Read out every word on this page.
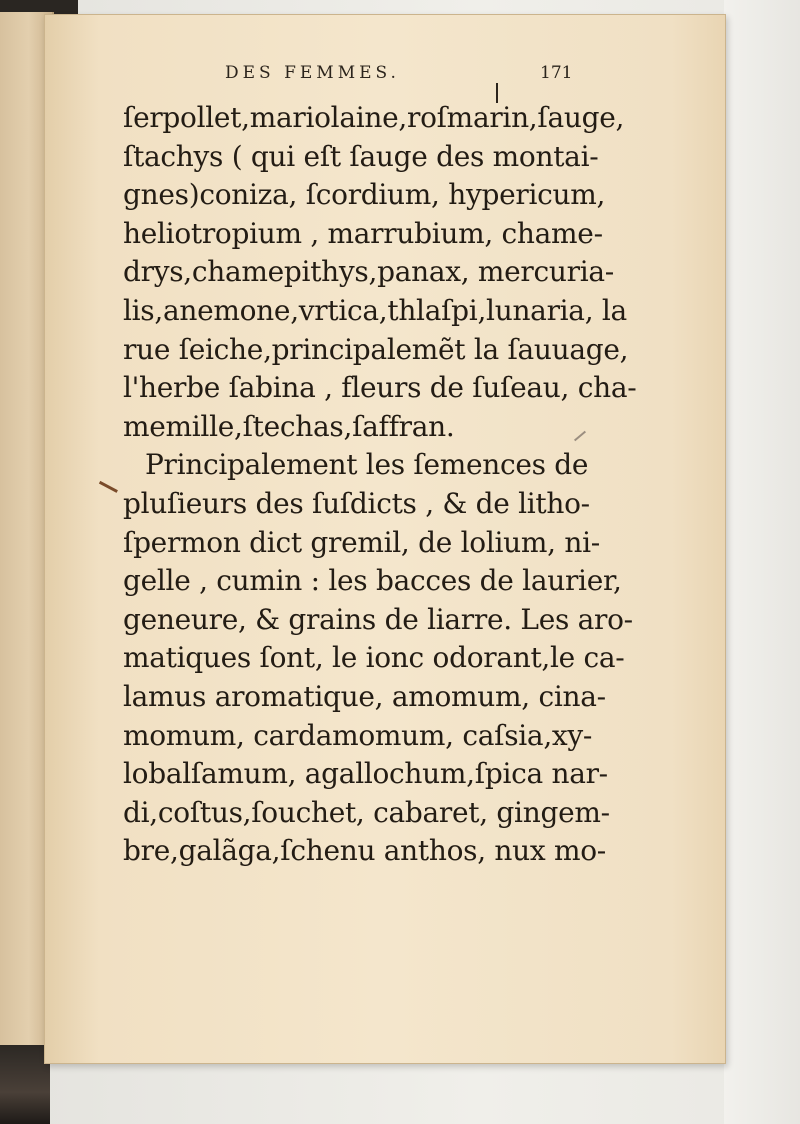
DES FEMMES.	171
ſerpollet,mariolaine,roſmarin,ſauge,
ſtachys ( qui eſt ſauge des montai-
gnes)coniza, ſcordium, hypericum,
heliotropium , marrubium, chame-
drys,chamepithys,panax, mercuria-
lis,anemone,vrtica,thlaſpi,lunaria, la
rue ſeiche,principalemẽt la ſauuage,
l'herbe ſabina , fleurs de ſuſeau, cha-
memille,ſtechas,ſaffran.
Principalement les ſemences de
pluſieurs des ſuſdicts , & de litho-
ſpermon dict gremil, de lolium, ni-
gelle , cumin : les bacces de laurier,
geneure, & grains de liarre. Les aro-
matiques ſont, le ionc odorant,le ca-
lamus aromatique, amomum, cina-
momum, cardamomum, caſsia,xy-
lobalſamum, agallochum,ſpica nar-
di,coſtus,ſouchet, cabaret, gingem-
bre,galãga,ſchenu anthos, nux mo-
